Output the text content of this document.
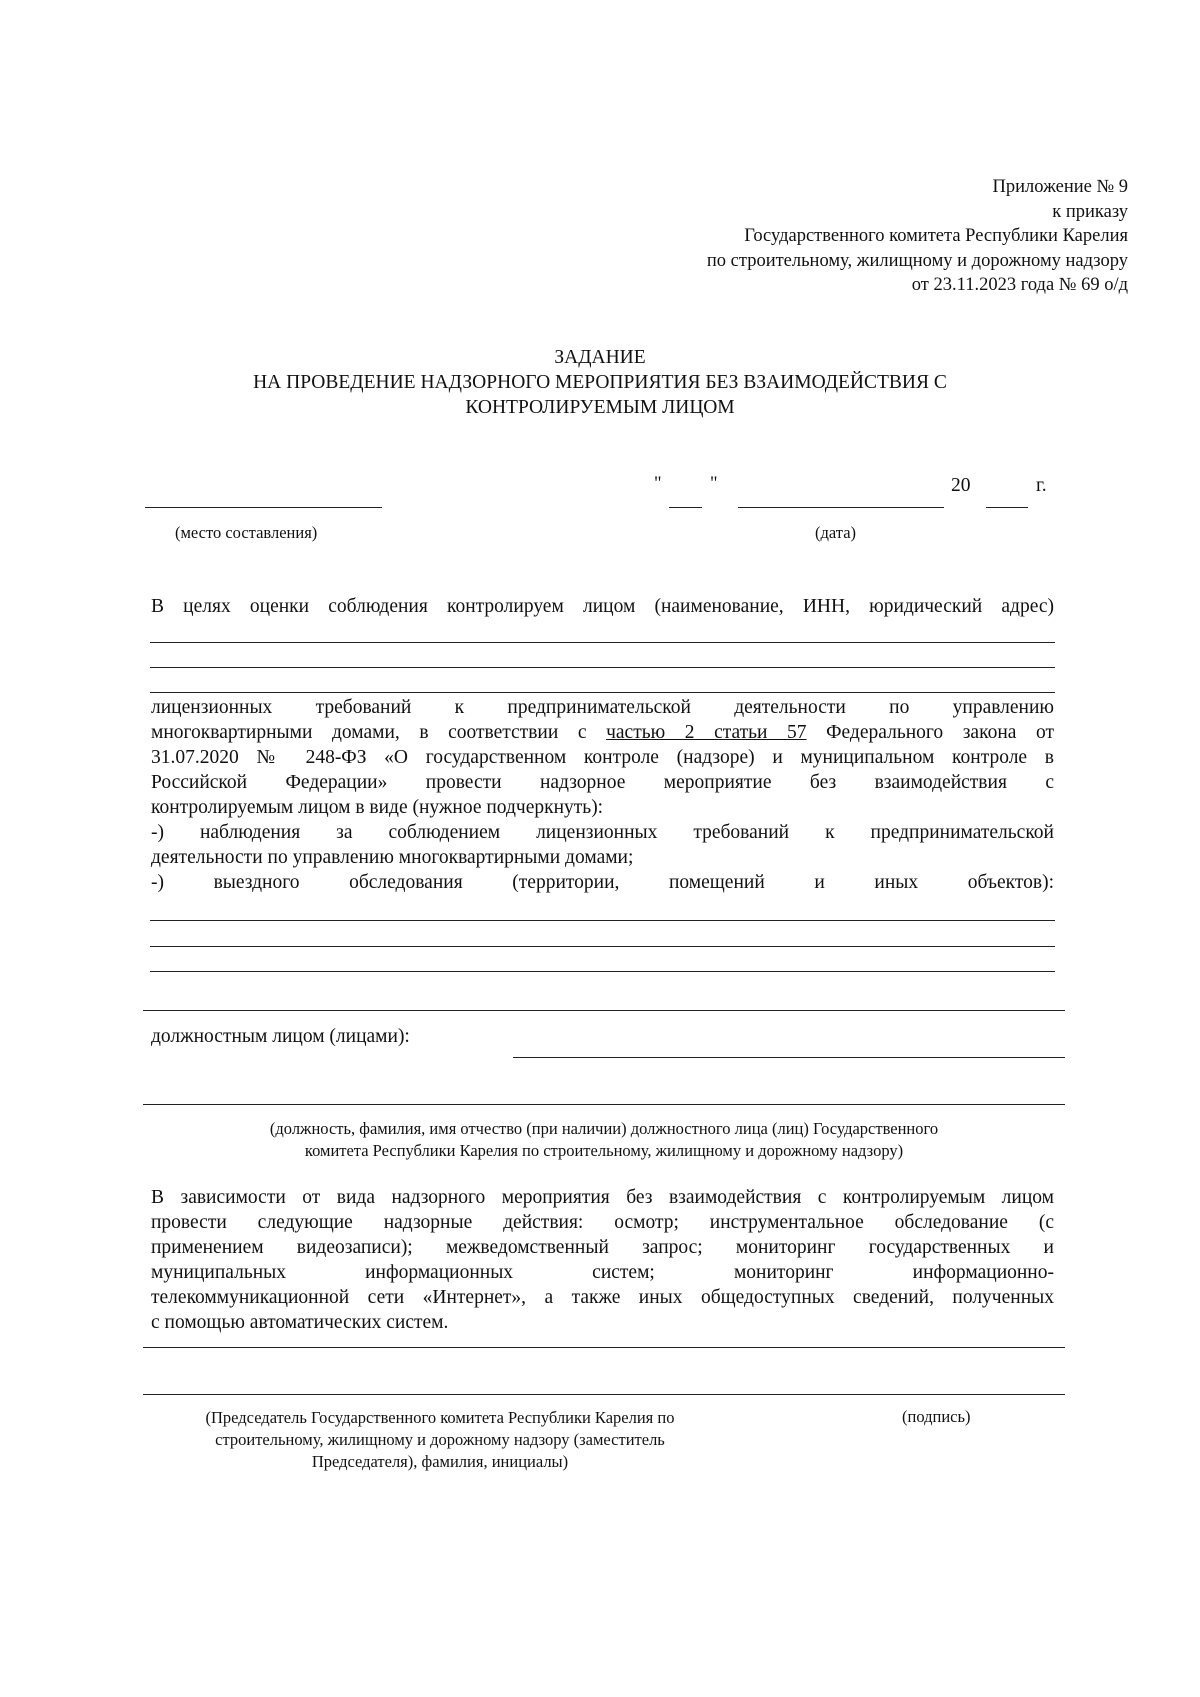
Приложение № 9
к приказу
Государственного комитета Республики Карелия
по строительному, жилищному и дорожному надзору
от 23.11.2023 года № 69 о/д
ЗАДАНИЕ
НА ПРОВЕДЕНИЕ НАДЗОРНОГО МЕРОПРИЯТИЯ БЕЗ ВЗАИМОДЕЙСТВИЯ С
КОНТРОЛИРУЕМЫМ ЛИЦОМ
"	"	20	г.
(место составления)	(дата)
В целях оценки соблюдения контролируем лицом (наименование, ИНН, юридический адрес)
лицензионных требований к предпринимательской деятельности по управлению
многоквартирными домами, в соответствии с частью 2 статьи 57 Федерального закона от
31.07.2020 № 248-ФЗ «О государственном контроле (надзоре) и муниципальном контроле в
Российской Федерации» провести надзорное мероприятие без взаимодействия с
контролируемым лицом в виде (нужное подчеркнуть):
-) наблюдения за соблюдением лицензионных требований к предпринимательской
деятельности по управлению многоквартирными домами;
-) выездного обследования (территории, помещений и иных объектов):
должностным лицом (лицами):
(должность, фамилия, имя отчество (при наличии) должностного лица (лиц) Государственного
комитета Республики Карелия по строительному, жилищному и дорожному надзору)
В зависимости от вида надзорного мероприятия без взаимодействия с контролируемым лицом
провести следующие надзорные действия: осмотр; инструментальное обследование (с
применением видеозаписи); межведомственный запрос; мониторинг государственных и
муниципальных информационных систем; мониторинг информационно-
телекоммуникационной сети «Интернет», а также иных общедоступных сведений, полученных
с помощью автоматических систем.
(Председатель Государственного комитета Республики Карелия по
строительному, жилищному и дорожному надзору (заместитель
Председателя), фамилия, инициалы)
(подпись)
